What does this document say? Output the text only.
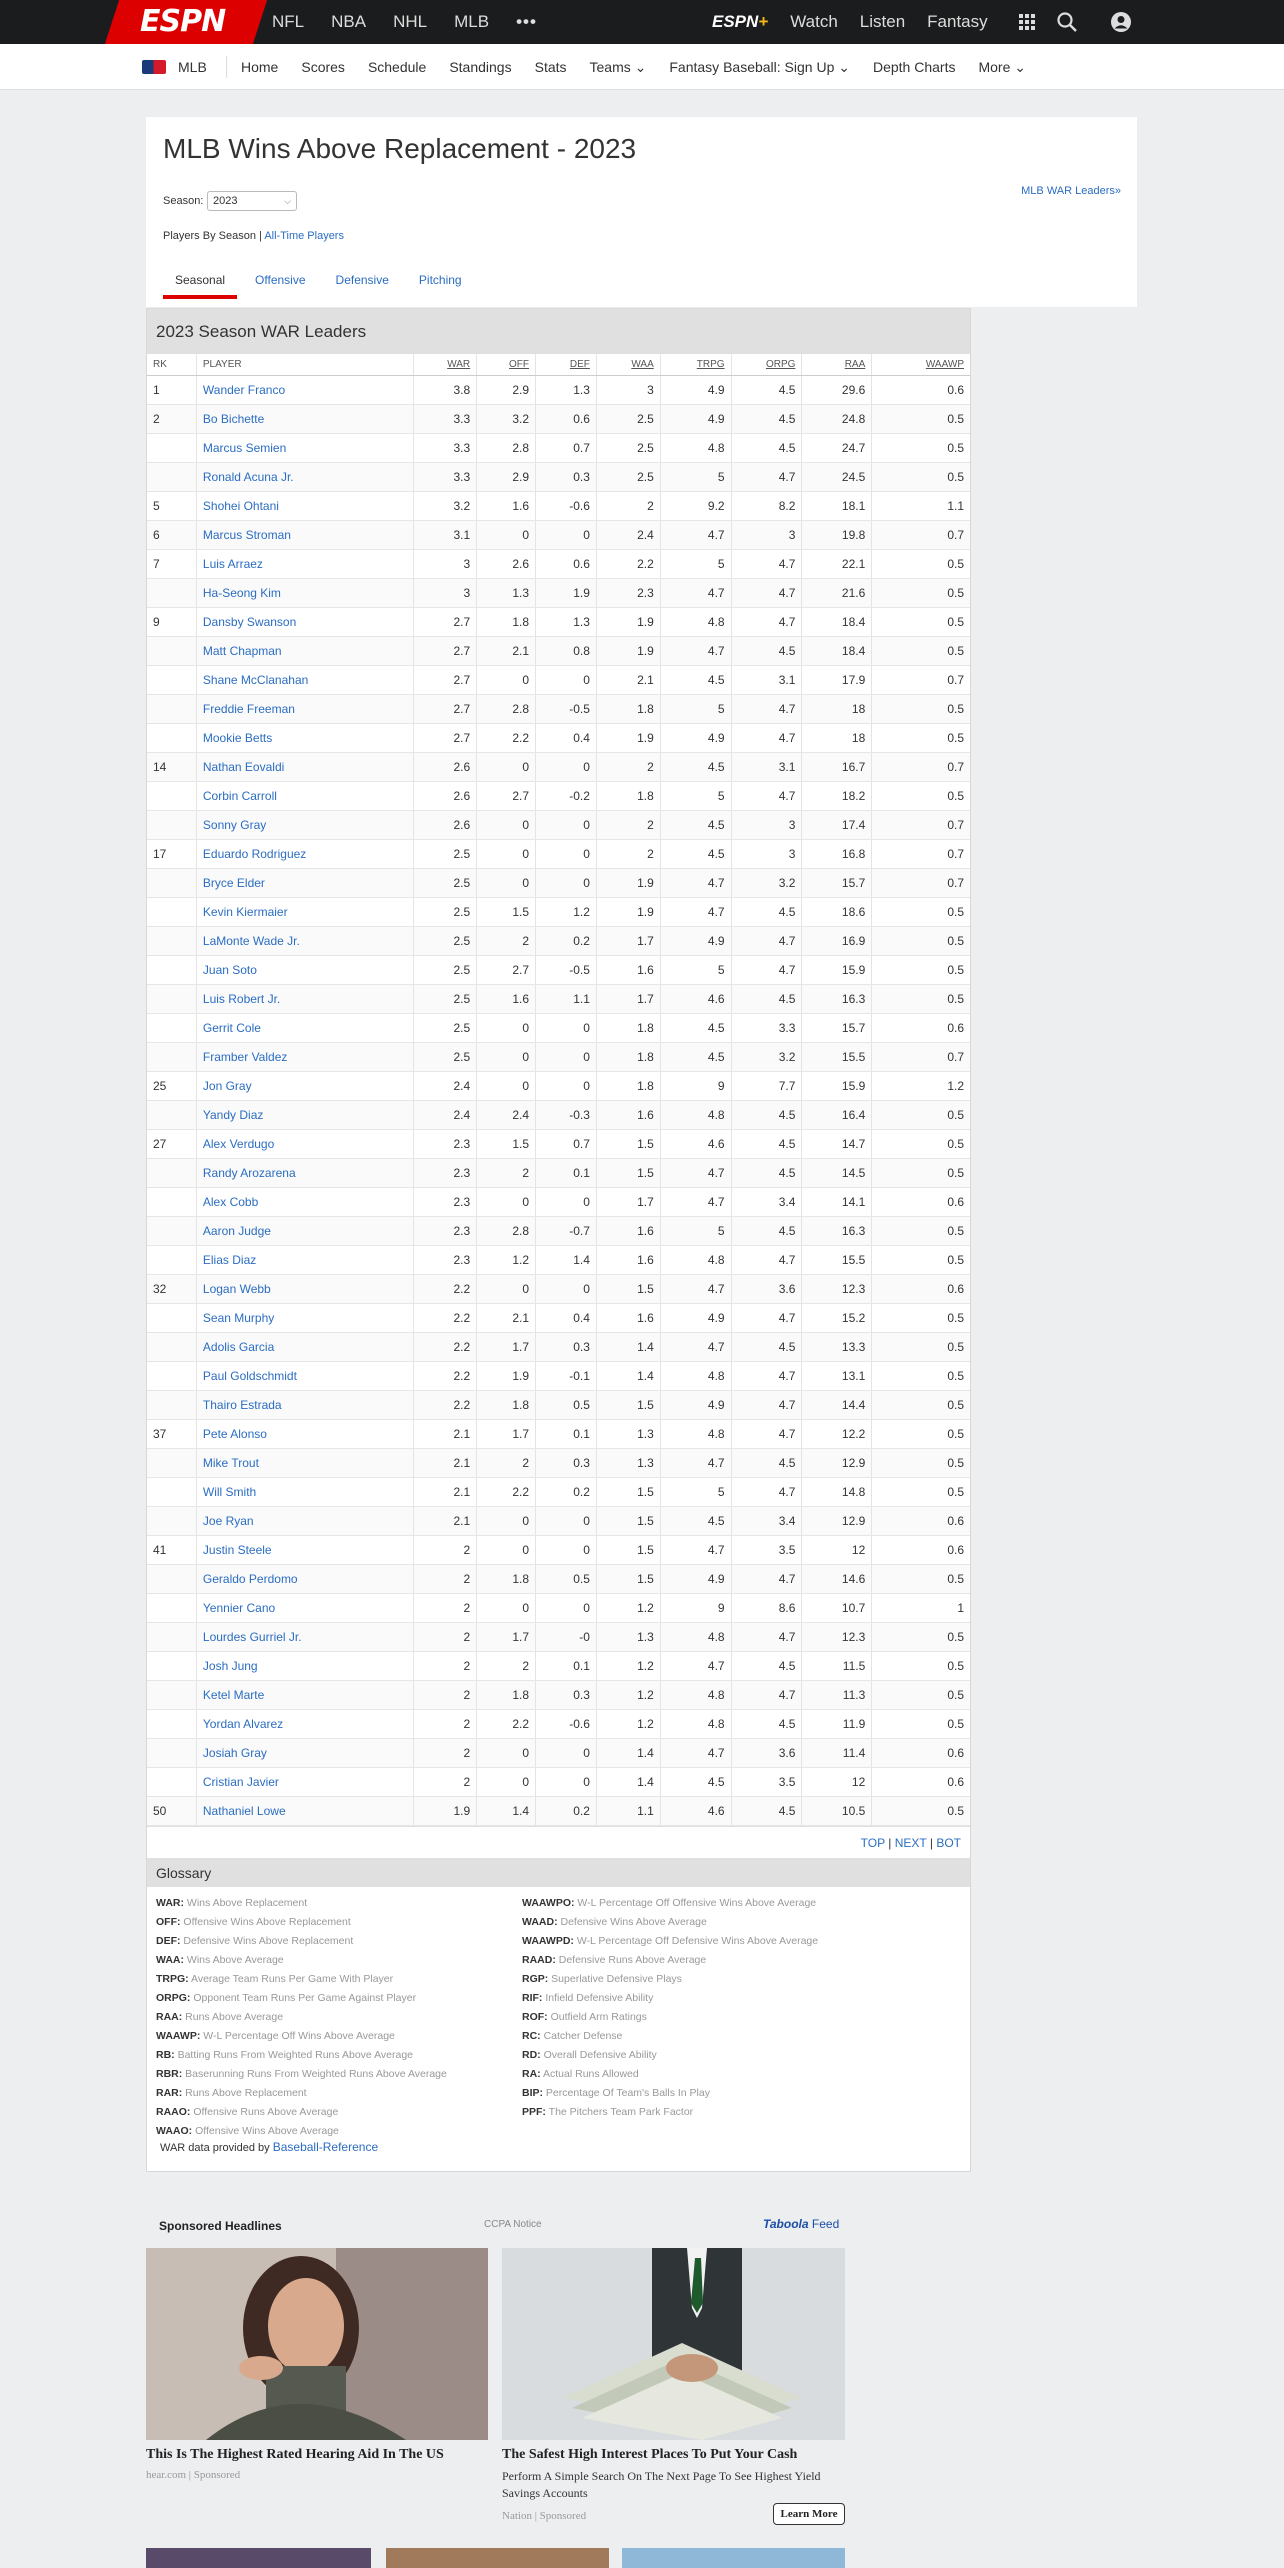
ESPN	NFL NBA NHL MLB •••	ESPN+ Watch Listen Fantasy
MLB Home Scores Schedule Standings Stats Teams ⌄ Fantasy Baseball: Sign Up ⌄ Depth Charts More ⌄
MLB Wins Above Replacement - 2023
MLB WAR Leaders»
Season: 2023	⌵
Players By Season | All-Time Players
Seasonal	Offensive	Defensive	Pitching
2023 Season WAR Leaders
RK	PLAYER	WAR	OFF	DEF	WAA	TRPG	ORPG	RAA	WAAWP
1	Wander Franco	3.8	2.9	1.3	3	4.9	4.5	29.6	0.6
2	Bo Bichette	3.3	3.2	0.6	2.5	4.9	4.5	24.8	0.5
Marcus Semien	3.3	2.8	0.7	2.5	4.8	4.5	24.7	0.5
Ronald Acuna Jr.	3.3	2.9	0.3	2.5	5	4.7	24.5	0.5
5	Shohei Ohtani	3.2	1.6	-0.6	2	9.2	8.2	18.1	1.1
6	Marcus Stroman	3.1	0	0	2.4	4.7	3	19.8	0.7
7	Luis Arraez	3	2.6	0.6	2.2	5	4.7	22.1	0.5
Ha-Seong Kim	3	1.3	1.9	2.3	4.7	4.7	21.6	0.5
9	Dansby Swanson	2.7	1.8	1.3	1.9	4.8	4.7	18.4	0.5
Matt Chapman	2.7	2.1	0.8	1.9	4.7	4.5	18.4	0.5
Shane McClanahan	2.7	0	0	2.1	4.5	3.1	17.9	0.7
Freddie Freeman	2.7	2.8	-0.5	1.8	5	4.7	18	0.5
Mookie Betts	2.7	2.2	0.4	1.9	4.9	4.7	18	0.5
14	Nathan Eovaldi	2.6	0	0	2	4.5	3.1	16.7	0.7
Corbin Carroll	2.6	2.7	-0.2	1.8	5	4.7	18.2	0.5
Sonny Gray	2.6	0	0	2	4.5	3	17.4	0.7
17	Eduardo Rodriguez	2.5	0	0	2	4.5	3	16.8	0.7
Bryce Elder	2.5	0	0	1.9	4.7	3.2	15.7	0.7
Kevin Kiermaier	2.5	1.5	1.2	1.9	4.7	4.5	18.6	0.5
LaMonte Wade Jr.	2.5	2	0.2	1.7	4.9	4.7	16.9	0.5
Juan Soto	2.5	2.7	-0.5	1.6	5	4.7	15.9	0.5
Luis Robert Jr.	2.5	1.6	1.1	1.7	4.6	4.5	16.3	0.5
Gerrit Cole	2.5	0	0	1.8	4.5	3.3	15.7	0.6
Framber Valdez	2.5	0	0	1.8	4.5	3.2	15.5	0.7
25	Jon Gray	2.4	0	0	1.8	9	7.7	15.9	1.2
Yandy Diaz	2.4	2.4	-0.3	1.6	4.8	4.5	16.4	0.5
27	Alex Verdugo	2.3	1.5	0.7	1.5	4.6	4.5	14.7	0.5
Randy Arozarena	2.3	2	0.1	1.5	4.7	4.5	14.5	0.5
Alex Cobb	2.3	0	0	1.7	4.7	3.4	14.1	0.6
Aaron Judge	2.3	2.8	-0.7	1.6	5	4.5	16.3	0.5
Elias Diaz	2.3	1.2	1.4	1.6	4.8	4.7	15.5	0.5
32	Logan Webb	2.2	0	0	1.5	4.7	3.6	12.3	0.6
Sean Murphy	2.2	2.1	0.4	1.6	4.9	4.7	15.2	0.5
Adolis Garcia	2.2	1.7	0.3	1.4	4.7	4.5	13.3	0.5
Paul Goldschmidt	2.2	1.9	-0.1	1.4	4.8	4.7	13.1	0.5
Thairo Estrada	2.2	1.8	0.5	1.5	4.9	4.7	14.4	0.5
37	Pete Alonso	2.1	1.7	0.1	1.3	4.8	4.7	12.2	0.5
Mike Trout	2.1	2	0.3	1.3	4.7	4.5	12.9	0.5
Will Smith	2.1	2.2	0.2	1.5	5	4.7	14.8	0.5
Joe Ryan	2.1	0	0	1.5	4.5	3.4	12.9	0.6
41	Justin Steele	2	0	0	1.5	4.7	3.5	12	0.6
Geraldo Perdomo	2	1.8	0.5	1.5	4.9	4.7	14.6	0.5
Yennier Cano	2	0	0	1.2	9	8.6	10.7	1
Lourdes Gurriel Jr.	2	1.7	-0	1.3	4.8	4.7	12.3	0.5
Josh Jung	2	2	0.1	1.2	4.7	4.5	11.5	0.5
Ketel Marte	2	1.8	0.3	1.2	4.8	4.7	11.3	0.5
Yordan Alvarez	2	2.2	-0.6	1.2	4.8	4.5	11.9	0.5
Josiah Gray	2	0	0	1.4	4.7	3.6	11.4	0.6
Cristian Javier	2	0	0	1.4	4.5	3.5	12	0.6
50	Nathaniel Lowe	1.9	1.4	0.2	1.1	4.6	4.5	10.5	0.5
TOP | NEXT | BOT
Glossary
WAR: Wins Above Replacement
OFF: Offensive Wins Above Replacement
DEF: Defensive Wins Above Replacement
WAA: Wins Above Average
TRPG: Average Team Runs Per Game With Player
ORPG: Opponent Team Runs Per Game Against Player
RAA: Runs Above Average
WAAWP: W-L Percentage Off Wins Above Average
RB: Batting Runs From Weighted Runs Above Average
RBR: Baserunning Runs From Weighted Runs Above Average
RAR: Runs Above Replacement
RAAO: Offensive Runs Above Average
WAAO: Offensive Wins Above Average
WAAWPO: W-L Percentage Off Offensive Wins Above Average
WAAD: Defensive Wins Above Average
WAAWPD: W-L Percentage Off Defensive Wins Above Average
RAAD: Defensive Runs Above Average
RGP: Superlative Defensive Plays
RIF: Infield Defensive Ability
ROF: Outfield Arm Ratings
RC: Catcher Defense
RD: Overall Defensive Ability
RA: Actual Runs Allowed
BIP: Percentage Of Team's Balls In Play
PPF: The Pitchers Team Park Factor
WAR data provided by Baseball-Reference
Sponsored Headlines	CCPA Notice	Taboola Feed
This Is The Highest Rated Hearing Aid In The US
hear.com | Sponsored
The Safest High Interest Places To Put Your Cash
Perform A Simple Search On The Next Page To See Highest Yield Savings Accounts
Nation | Sponsored	Learn More
